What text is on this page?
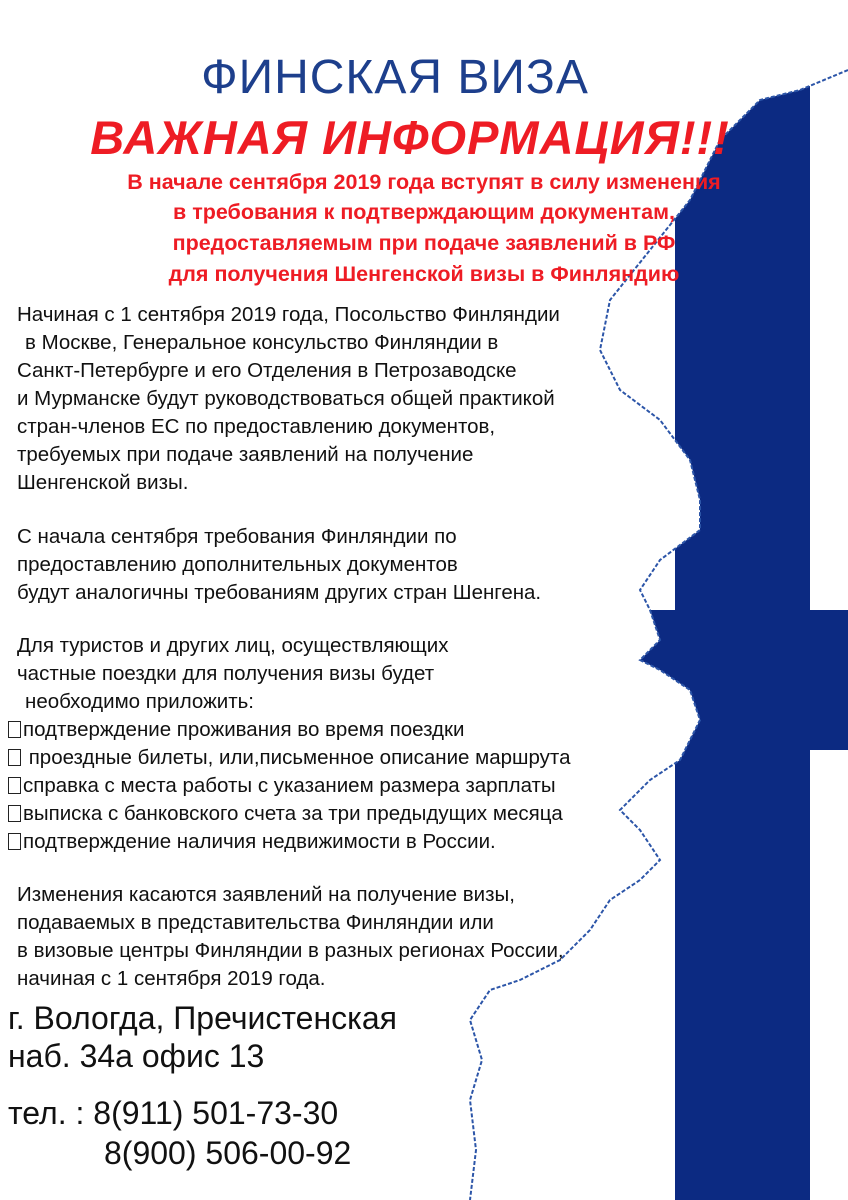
ФИНСКАЯ ВИЗА
ВАЖНАЯ ИНФОРМАЦИЯ!!!
В начале сентября 2019 года вступят в силу изменения
в требования к подтверждающим документам,
предоставляемым при подаче заявлений в РФ
для получения Шенгенской визы в Финляндию
Начиная с 1 сентября 2019 года, Посольство Финляндии
в Москве, Генеральное консульство Финляндии в
Санкт-Петербурге и его Отделения в Петрозаводске
и Мурманске будут руководствоваться общей практикой
стран-членов ЕС по предоставлению документов,
требуемых при подаче заявлений на получение
Шенгенской визы.
С начала сентября требования Финляндии по
предоставлению дополнительных документов
будут аналогичны требованиям других стран Шенгена.
Для туристов и других лиц, осуществляющих
частные поездки для получения визы будет
необходимо приложить:
подтверждение проживания во время поездки
проездные билеты, или,письменное описание маршрута
справка с места работы с указанием размера зарплаты
выписка с банковского счета за три предыдущих месяца
подтверждение наличия недвижимости в России.
Изменения касаются заявлений на получение визы,
подаваемых в представительства Финляндии или
в визовые центры Финляндии в разных регионах России,
начиная с 1 сентября 2019 года.
г. Вологда, Пречистенская
наб. 34а офис 13
тел. : 8(911) 501-73-30
8(900) 506-00-92
